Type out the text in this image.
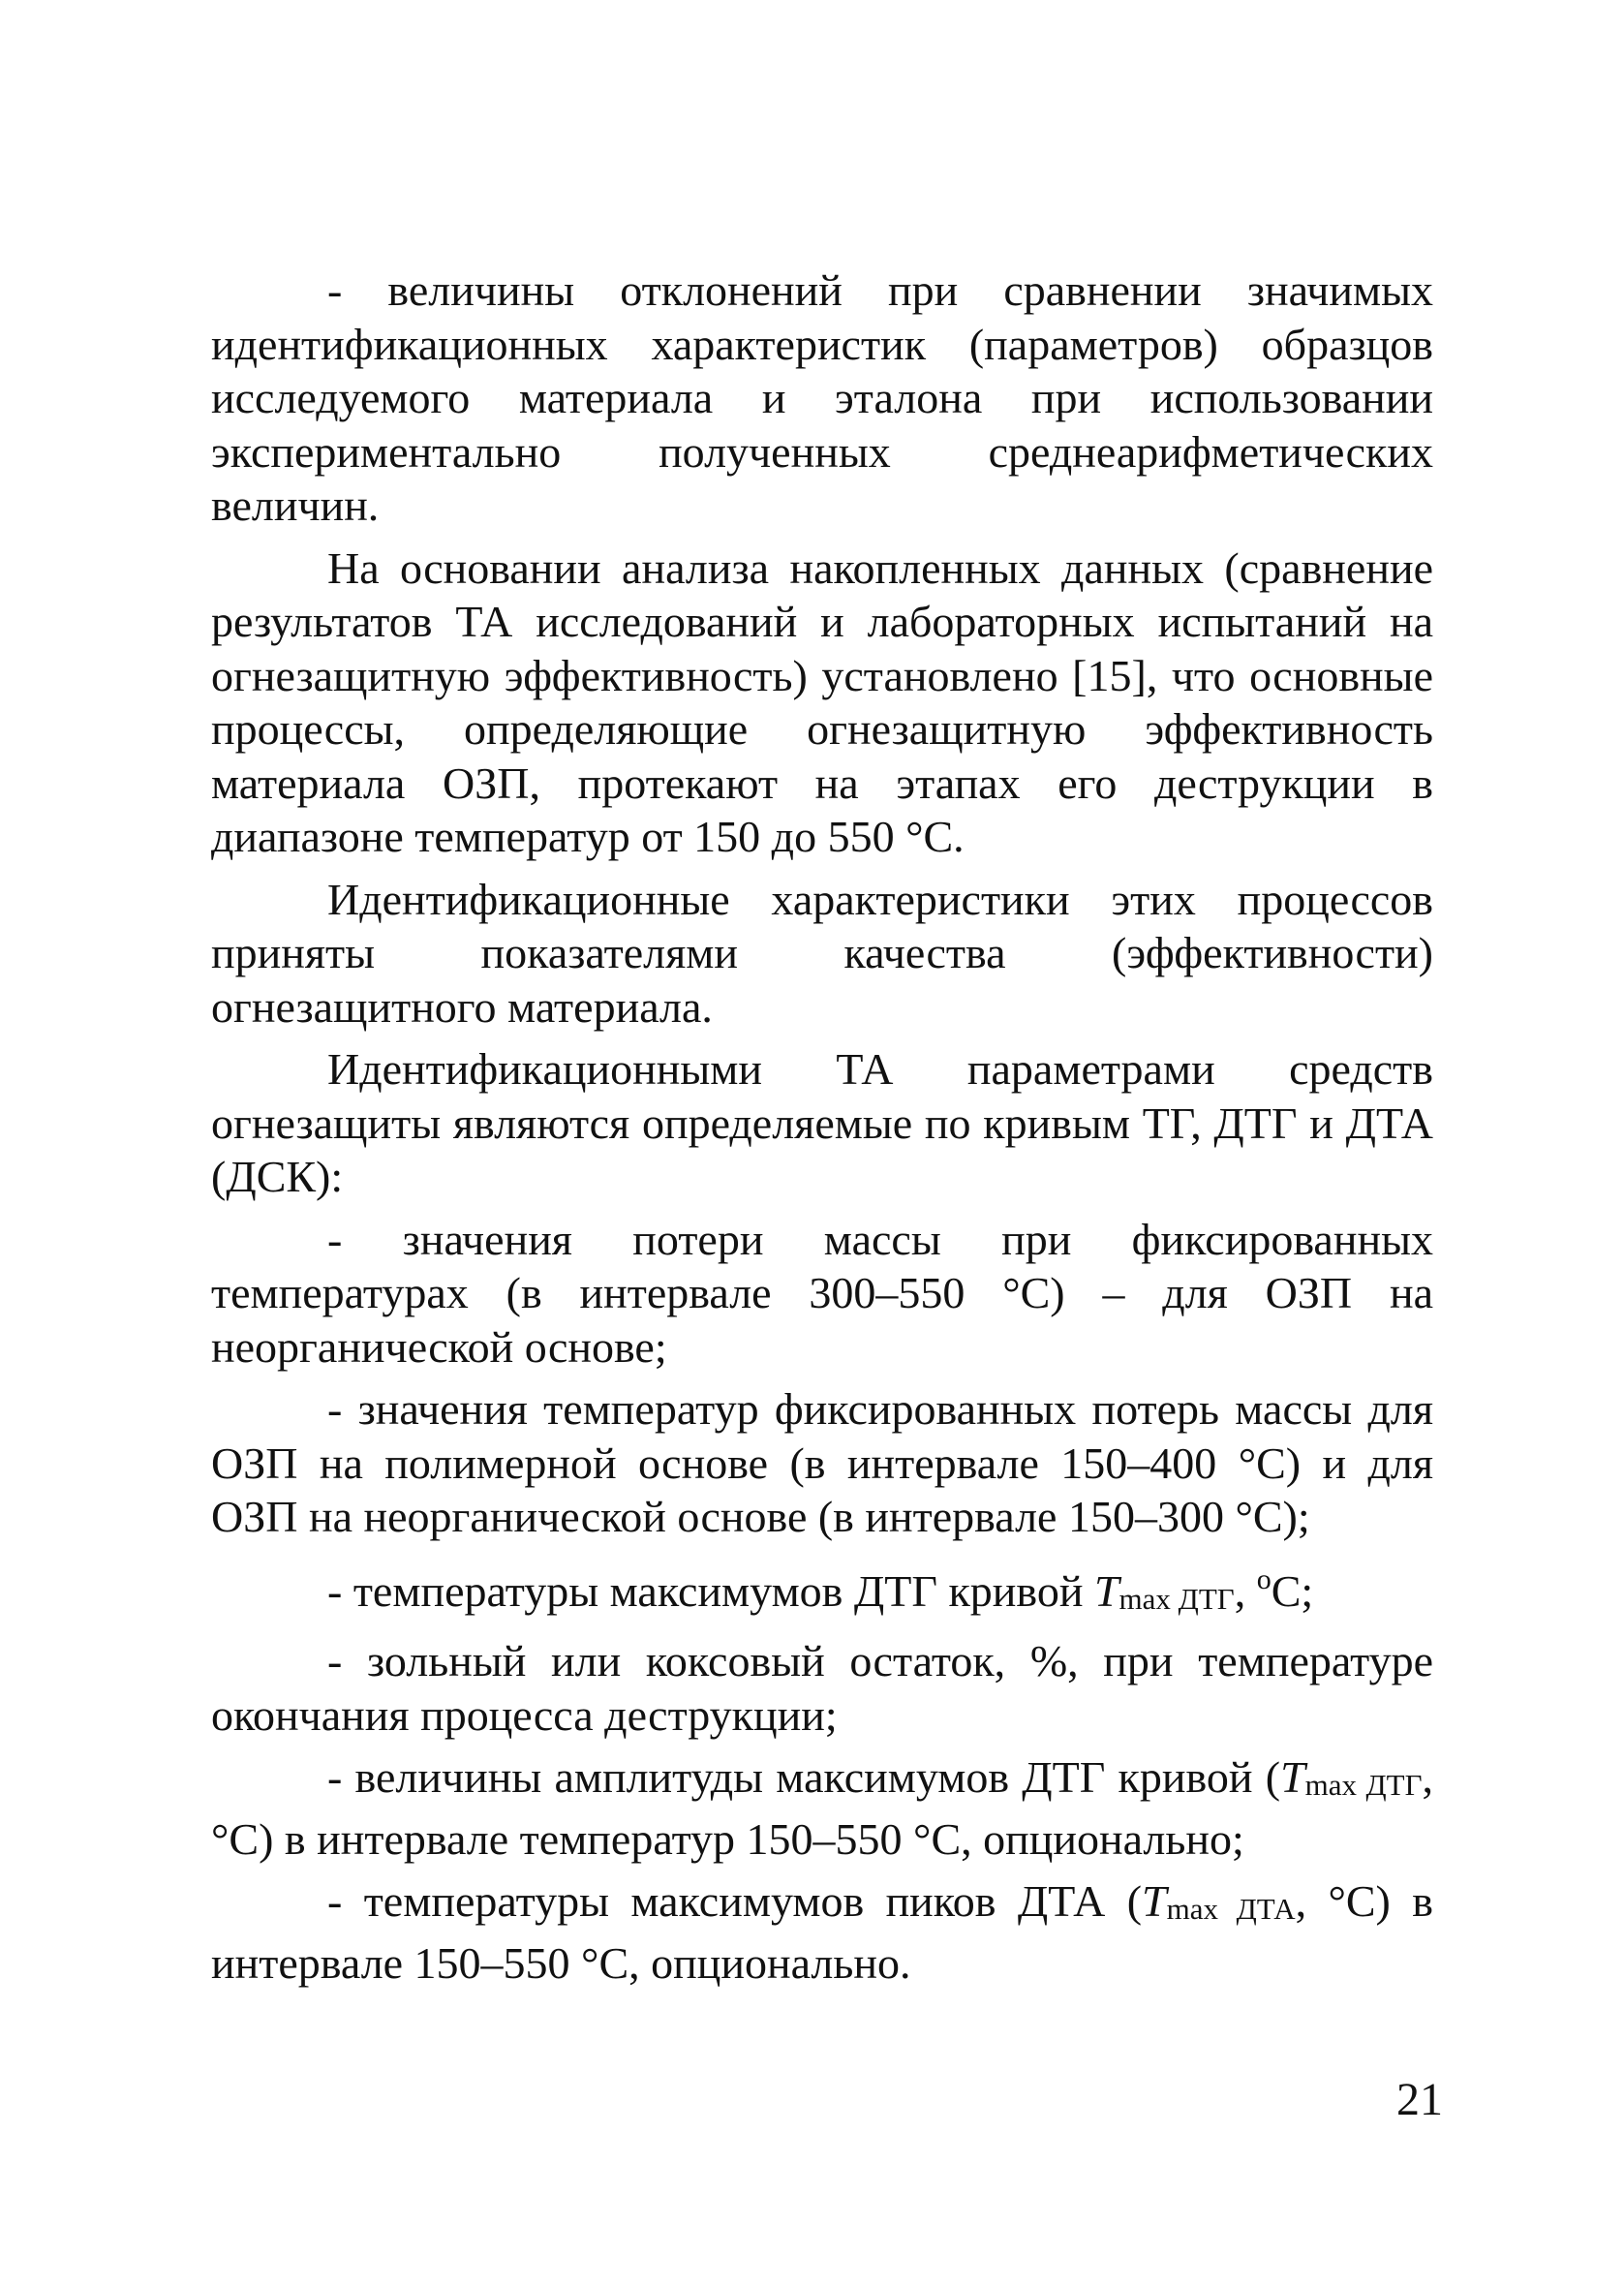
- величины отклонений при сравнении значимых идентификационных характеристик (параметров) образцов исследуемого материала и эталона при использовании экспериментально полученных среднеарифметических величин.

На основании анализа накопленных данных (сравнение результатов ТА исследований и лабораторных испытаний на огнезащитную эффективность) установлено [15], что основные процессы, определяющие огнезащитную эффективность материала ОЗП, протекают на этапах его деструкции в диапазоне температур от 150 до 550 °С.

Идентификационные характеристики этих процессов приняты показателями качества (эффективности) огнезащитного материала.

Идентификационными ТА параметрами средств огнезащиты являются определяемые по кривым ТГ, ДТГ и ДТА (ДСК):

- значения потери массы при фиксированных температурах (в интервале 300–550 °С) – для ОЗП на неорганической основе;

- значения температур фиксированных потерь массы для ОЗП на полимерной основе (в интервале 150–400 °С) и для ОЗП на неорганической основе (в интервале 150–300 °С);

- температуры максимумов ДТГ кривой Tmax ДТГ, $^o$C;

- зольный или коксовый остаток, %, при температуре окончания процесса деструкции;

- величины амплитуды максимумов ДТГ кривой (Tmax ДТГ, °С) в интервале температур 150–550 °С, опционально;

- температуры максимумов пиков ДТА (Tmax ДТА, °С) в интервале 150–550 °С, опционально.

21
